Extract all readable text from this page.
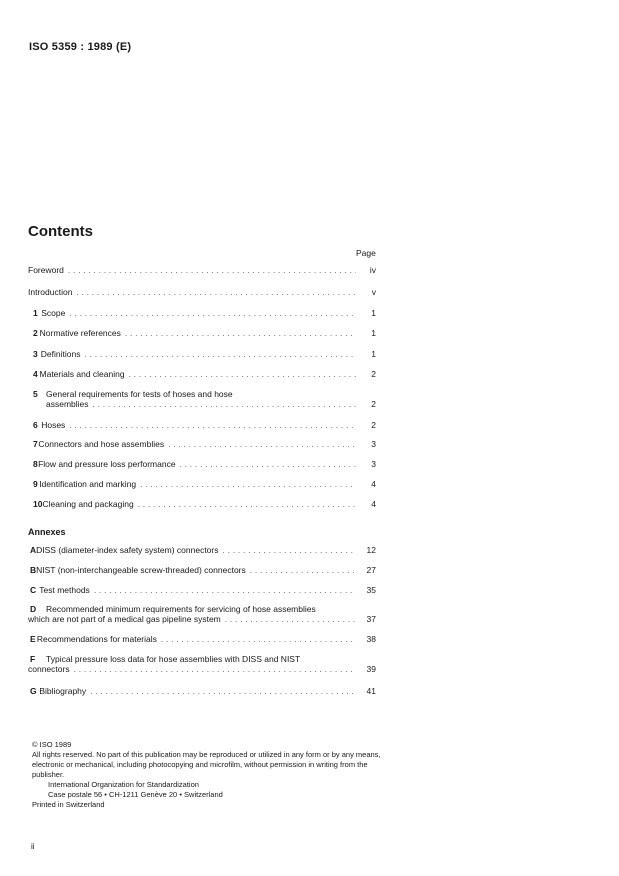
ISO 5359 : 1989 (E)
Contents
Page
Foreword . . .	iv
Introduction . . .	v
1 Scope . . .	1
2 Normative references . . .	1
3 Definitions . . .	1
4 Materials and cleaning . . .	2
5 General requirements for tests of hoses and hose
assemblies . . .	2
6 Hoses . . .	2
7 Connectors and hose assemblies . . .	3
8 Flow and pressure loss performance . . .	3
9 Identification and marking . . .	4
10 Cleaning and packaging . . .	4
A DISS (diameter-index safety system) connectors . . .	12
B NIST (non-interchangeable screw-threaded) connectors . . .	27
C Test methods . . .	35
D	Recommended minimum requirements for servicing of hose assemblies
which are not part of a medical gas pipeline system . . .	37
E Recommendations for materials . . .	38
F	Typical pressure loss data for hose assemblies with DISS and NIST
connectors . . .	39
G Bibliography . . .	41
Annexes

© ISO 1989

All rights reserved. No part of this publication may be reproduced or utilized in any form or by any means, electronic or mechanical, including photocopying and microfilm, without permission in writing from the publisher.

International Organization for Standardization

Case postale 56 • CH-1211 Genève 20 • Switzerland

Printed in Switzerland

ii
